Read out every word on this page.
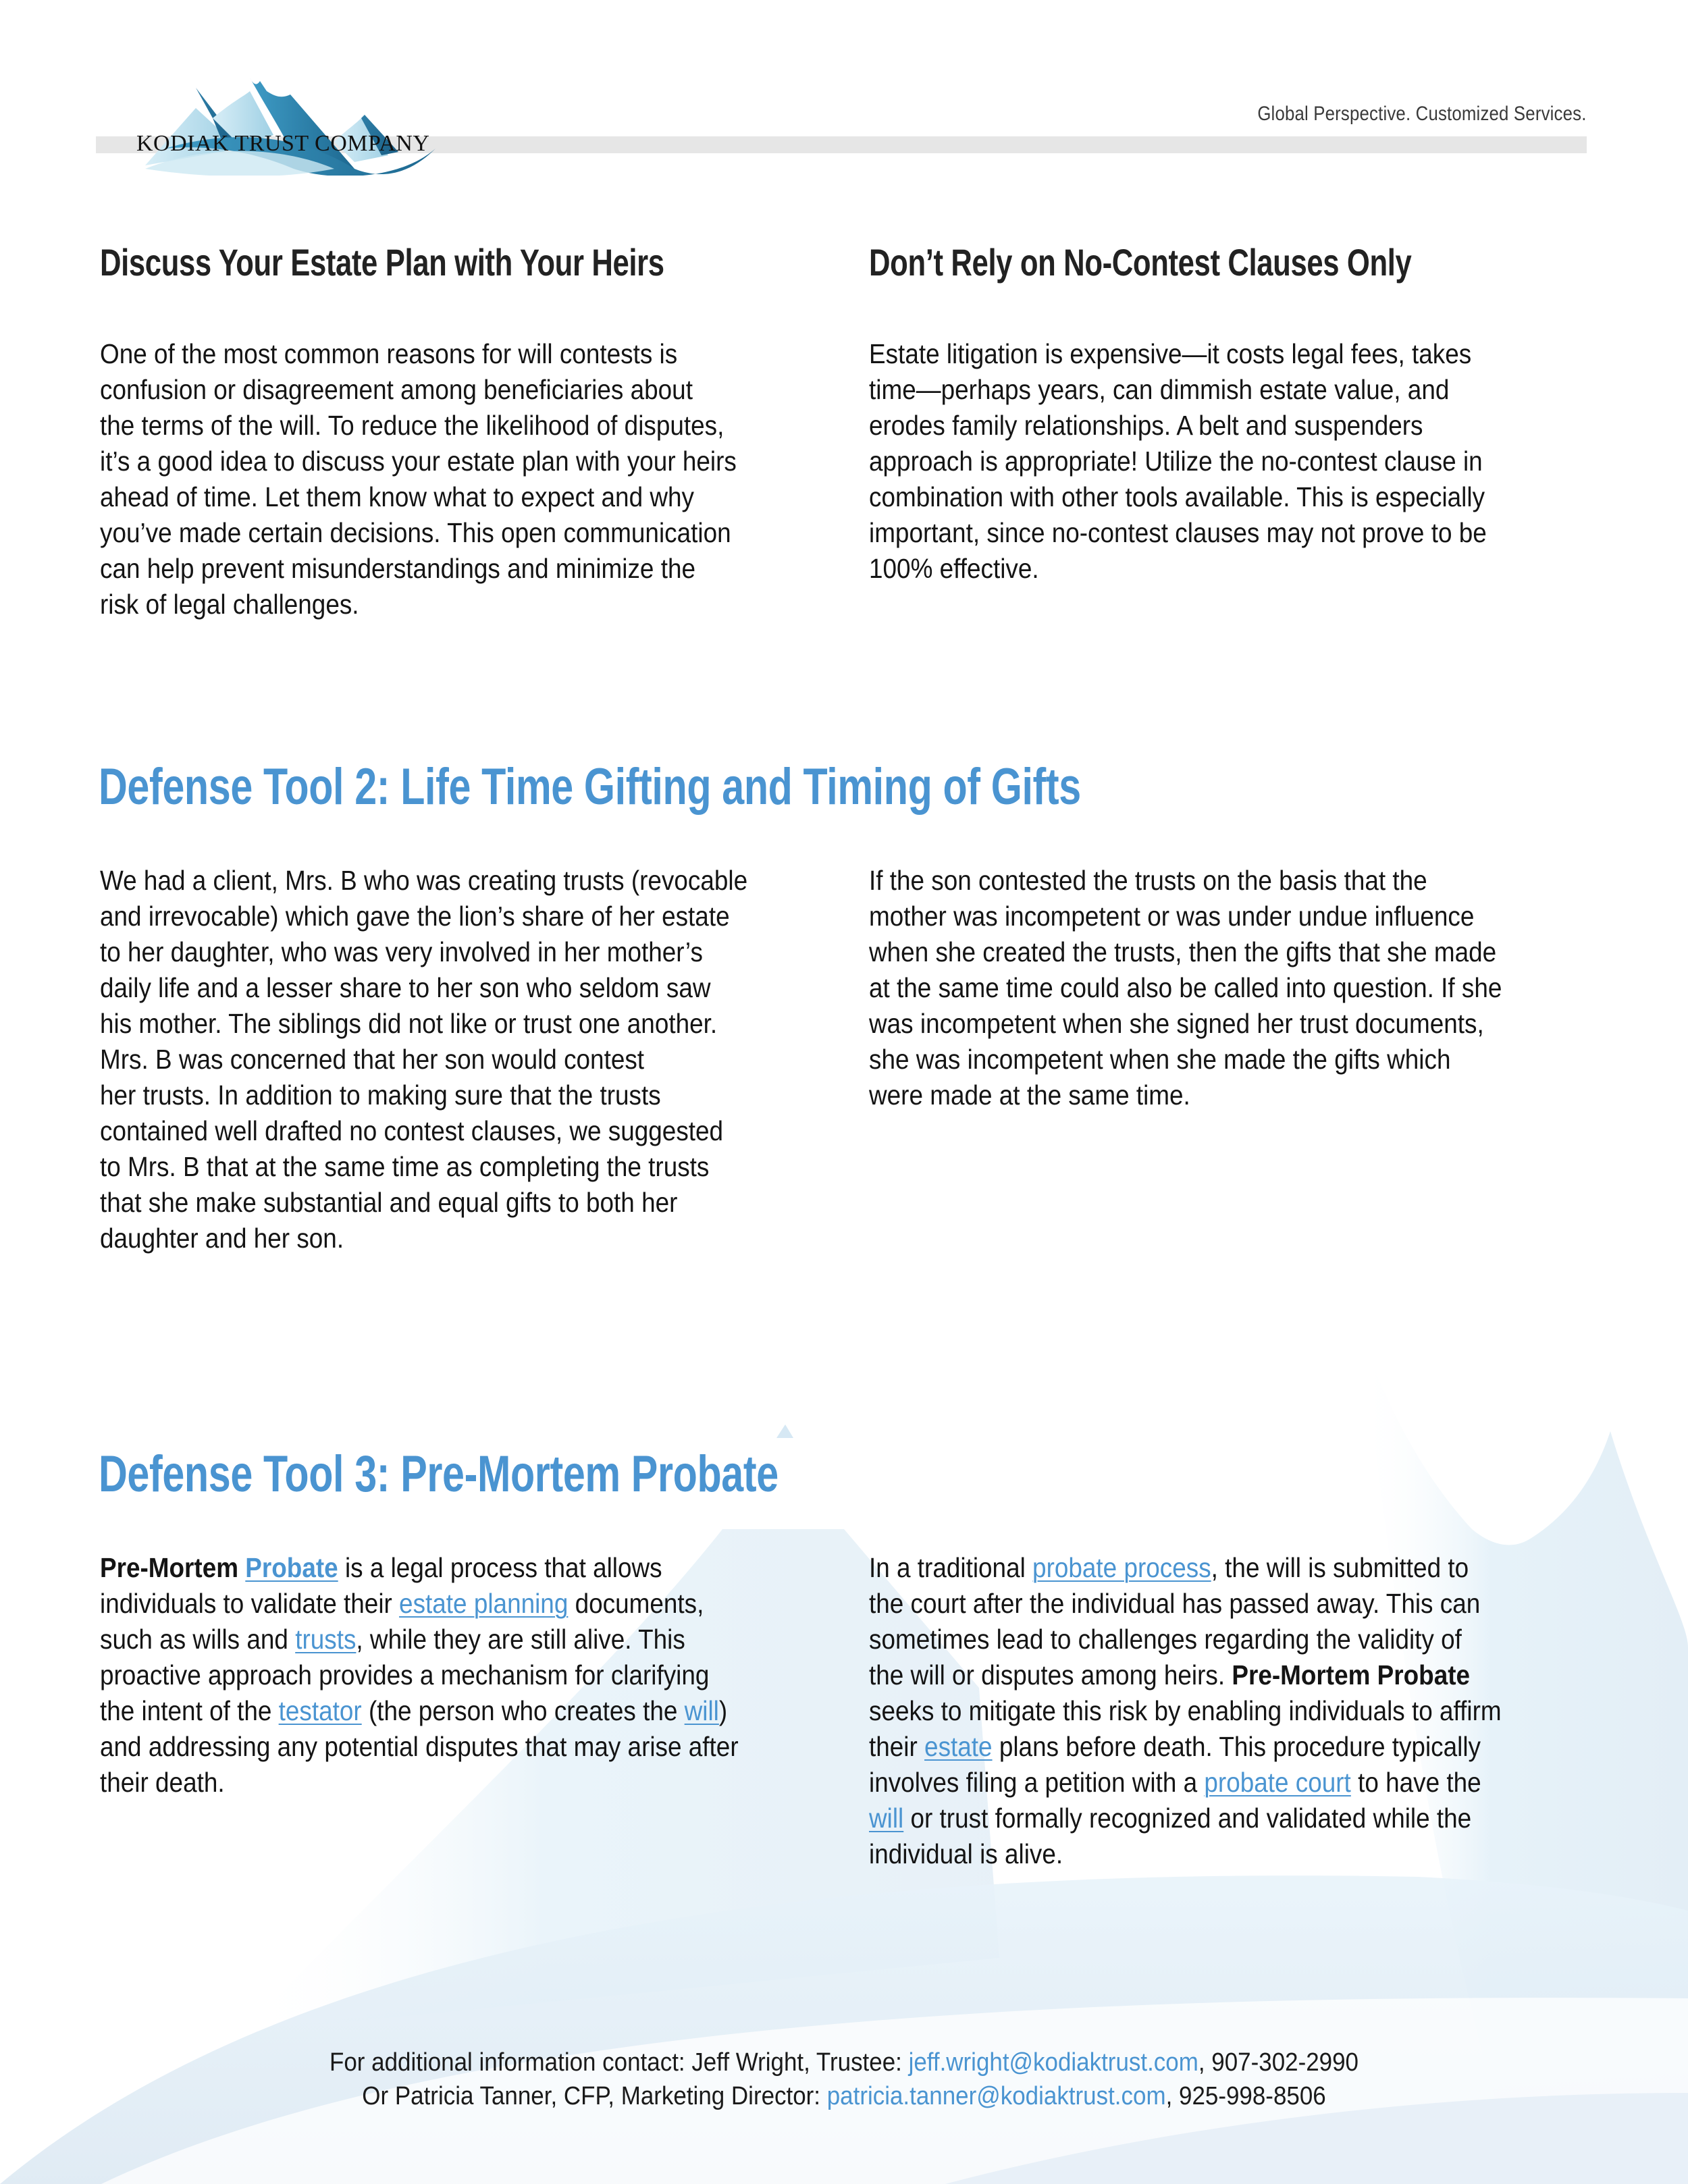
KODIAK TRUST COMPANY
Global Perspective. Customized Services.
Discuss Your Estate Plan with Your Heirs
One of the most common reasons for will contests is
confusion or disagreement among beneficiaries about
the terms of the will. To reduce the likelihood of disputes,
it’s a good idea to discuss your estate plan with your heirs
ahead of time. Let them know what to expect and why
you’ve made certain decisions. This open communication
can help prevent misunderstandings and minimize the
risk of legal challenges.
Don’t Rely on No-Contest Clauses Only
Estate litigation is expensive—it costs legal fees, takes
time—perhaps years, can dimmish estate value, and
erodes family relationships. A belt and suspenders
approach is appropriate! Utilize the no-contest clause in
combination with other tools available. This is especially
important, since no-contest clauses may not prove to be
100% effective.
Defense Tool 2: Life Time Gifting and Timing of Gifts
We had a client, Mrs. B who was creating trusts (revocable
and irrevocable) which gave the lion’s share of her estate
to her daughter, who was very involved in her mother’s
daily life and a lesser share to her son who seldom saw
his mother. The siblings did not like or trust one another.
Mrs. B was concerned that her son would contest
her trusts. In addition to making sure that the trusts
contained well drafted no contest clauses, we suggested
to Mrs. B that at the same time as completing the trusts
that she make substantial and equal gifts to both her
daughter and her son.
If the son contested the trusts on the basis that the
mother was incompetent or was under undue influence
when she created the trusts, then the gifts that she made
at the same time could also be called into question. If she
was incompetent when she signed her trust documents,
she was incompetent when she made the gifts which
were made at the same time.
Defense Tool 3: Pre-Mortem Probate
Pre-Mortem Probate is a legal process that allows
individuals to validate their estate planning documents,
such as wills and trusts, while they are still alive. This
proactive approach provides a mechanism for clarifying
the intent of the testator (the person who creates the will)
and addressing any potential disputes that may arise after
their death.
In a traditional probate process, the will is submitted to
the court after the individual has passed away. This can
sometimes lead to challenges regarding the validity of
the will or disputes among heirs. Pre-Mortem Probate
seeks to mitigate this risk by enabling individuals to affirm
their estate plans before death. This procedure typically
involves filing a petition with a probate court to have the
will or trust formally recognized and validated while the
individual is alive.
For additional information contact: Jeff Wright, Trustee: jeff.wright@kodiaktrust.com, 907-302-2990
Or Patricia Tanner, CFP, Marketing Director: patricia.tanner@kodiaktrust.com, 925-998-8506
